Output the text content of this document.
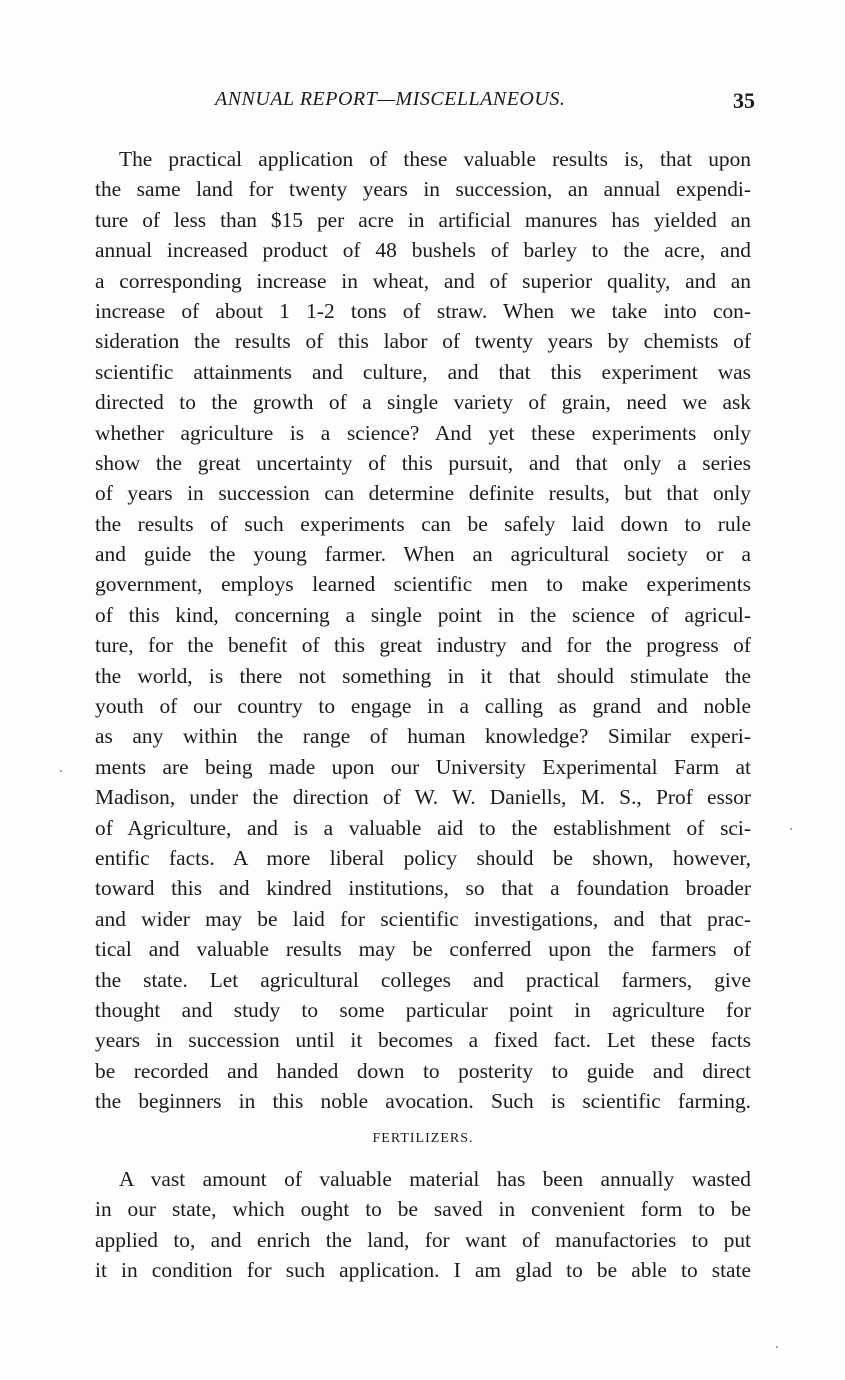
ANNUAL REPORT—MISCELLANEOUS.	35
The practical application of these valuable results is, that upon
the same land for twenty years in succession, an annual expendi-
ture of less than $15 per acre in artificial manures has yielded an
annual increased product of 48 bushels of barley to the acre, and
a corresponding increase in wheat, and of superior quality, and an
increase of about 1 1-2 tons of straw. When we take into con-
sideration the results of this labor of twenty years by chemists of
scientific attainments and culture, and that this experiment was
directed to the growth of a single variety of grain, need we ask
whether agriculture is a science? And yet these experiments only
show the great uncertainty of this pursuit, and that only a series
of years in succession can determine definite results, but that only
the results of such experiments can be safely laid down to rule
and guide the young farmer. When an agricultural society or a
government, employs learned scientific men to make experiments
of this kind, concerning a single point in the science of agricul-
ture, for the benefit of this great industry and for the progress of
the world, is there not something in it that should stimulate the
youth of our country to engage in a calling as grand and noble
as any within the range of human knowledge? Similar experi-
ments are being made upon our University Experimental Farm at
Madison, under the direction of W. W. Daniells, M. S., Prof essor
of Agriculture, and is a valuable aid to the establishment of sci-
entific facts. A more liberal policy should be shown, however,
toward this and kindred institutions, so that a foundation broader
and wider may be laid for scientific investigations, and that prac-
tical and valuable results may be conferred upon the farmers of
the state. Let agricultural colleges and practical farmers, give
thought and study to some particular point in agriculture for
years in succession until it becomes a fixed fact. Let these facts
be recorded and handed down to posterity to guide and direct
the beginners in this noble avocation. Such is scientific farming.
FERTILIZERS.
A vast amount of valuable material has been annually wasted
in our state, which ought to be saved in convenient form to be
applied to, and enrich the land, for want of manufactories to put
it in condition for such application. I am glad to be able to state
